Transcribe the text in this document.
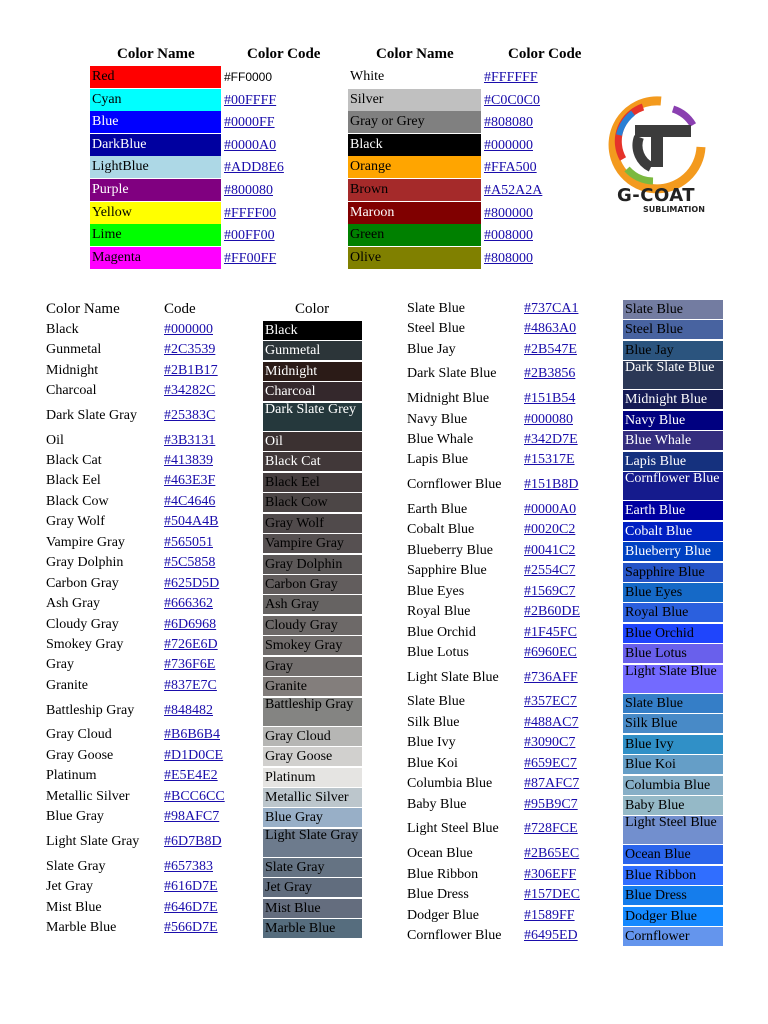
Color Name	Color Code	Color Name	Color Code
Red	#FF0000
Cyan	#00FFFF
Blue	#0000FF
DarkBlue	#0000A0
LightBlue	#ADD8E6
Purple	#800080
Yellow	#FFFF00
Lime	#00FF00
Magenta	#FF00FF
White	#FFFFFF
Silver	#C0C0C0
Gray or Grey	#808080
Black	#000000
Orange	#FFA500
Brown	#A52A2A
Maroon	#800000
Green	#008000
Olive	#808000
G-COAT
SUBLIMATION
Color Name	Code	Color
Black	#000000	Black
Gunmetal	#2C3539	Gunmetal
Midnight	#2B1B17	Midnight
Charcoal	#34282C	Charcoal
Dark Slate Gray #25383C	Dark Slate Grey
Oil	#3B3131	Oil
Black Cat	#413839	Black Cat
Black Eel	#463E3F	Black Eel
Black Cow	#4C4646	Black Cow
Gray Wolf	#504A4B	Gray Wolf
Vampire Gray	#565051	Vampire Gray
Gray Dolphin	#5C5858	Gray Dolphin
Carbon Gray	#625D5D	Carbon Gray
Ash Gray	#666362	Ash Gray
Cloudy Gray	#6D6968	Cloudy Gray
Smokey Gray	#726E6D	Smokey Gray
Gray	#736F6E	Gray
Granite	#837E7C	Granite
Battleship Gray #848482	Battleship Gray
Gray Cloud	#B6B6B4	Gray Cloud
Gray Goose	#D1D0CE	Gray Goose
Platinum	#E5E4E2	Platinum
Metallic Silver #BCC6CC	Metallic Silver
Blue Gray	#98AFC7	Blue Gray
Light Slate Gray #6D7B8D	Light Slate Gray
Slate Gray	#657383	Slate Gray
Jet Gray	#616D7E	Jet Gray
Mist Blue	#646D7E	Mist Blue
Marble Blue	#566D7E	Marble Blue
Slate Blue	#737CA1	Slate Blue
Steel Blue	#4863A0	Steel Blue
Blue Jay	#2B547E	Blue Jay
Dark Slate Blue #2B3856	Dark Slate Blue
Midnight Blue #151B54	Midnight Blue
Navy Blue	#000080	Navy Blue
Blue Whale	#342D7E	Blue Whale
Lapis Blue	#15317E	Lapis Blue
Cornflower Blue #151B8D	Cornflower Blue
Earth Blue	#0000A0	Earth Blue
Cobalt Blue	#0020C2	Cobalt Blue
Blueberry Blue #0041C2	Blueberry Blue
Sapphire Blue	#2554C7	Sapphire Blue
Blue Eyes	#1569C7	Blue Eyes
Royal Blue	#2B60DE	Royal Blue
Blue Orchid	#1F45FC	Blue Orchid
Blue Lotus	#6960EC	Blue Lotus
Light Slate Blue #736AFF	Light Slate Blue
Slate Blue	#357EC7	Slate Blue
Silk Blue	#488AC7	Silk Blue
Blue Ivy	#3090C7	Blue Ivy
Blue Koi	#659EC7	Blue Koi
Columbia Blue #87AFC7	Columbia Blue
Baby Blue	#95B9C7	Baby Blue
Light Steel Blue #728FCE	Light Steel Blue
Ocean Blue	#2B65EC	Ocean Blue
Blue Ribbon	#306EFF	Blue Ribbon
Blue Dress	#157DEC	Blue Dress
Dodger Blue	#1589FF	Dodger Blue
Cornflower Blue #6495ED	Cornflower
